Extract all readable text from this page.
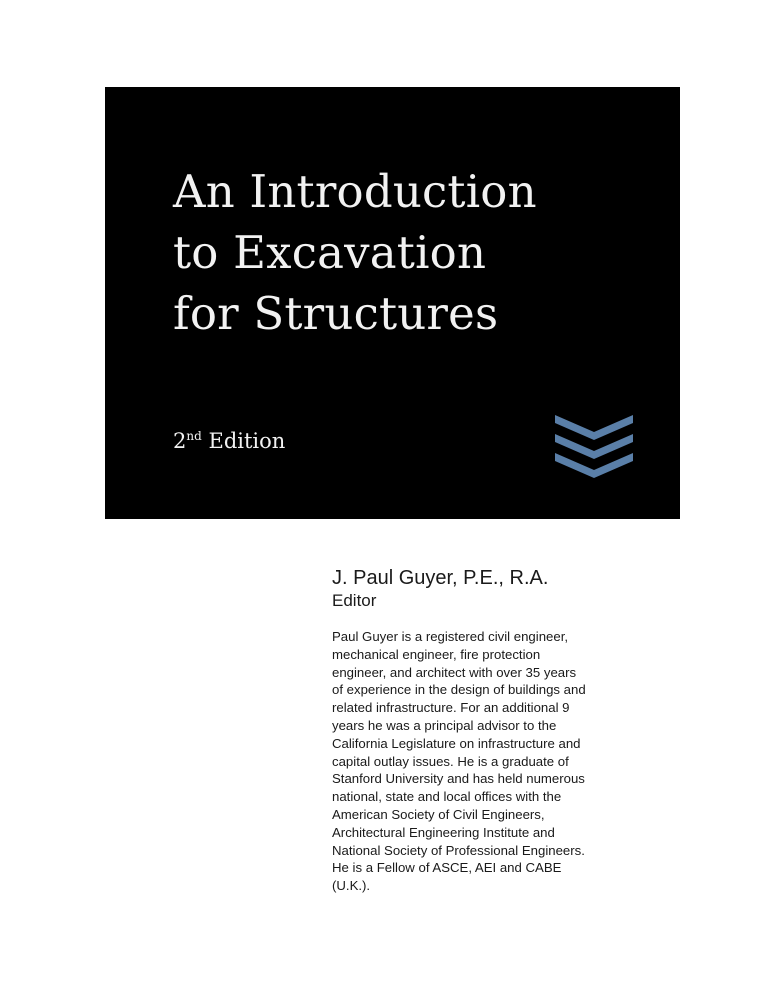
An Introduction
to Excavation
for Structures
2nd Edition
J. Paul Guyer, P.E., R.A.
Editor

Paul Guyer is a registered civil engineer,
mechanical engineer, fire protection
engineer, and architect with over 35 years
of experience in the design of buildings and
related infrastructure. For an additional 9
years he was a principal advisor to the
California Legislature on infrastructure and
capital outlay issues. He is a graduate of
Stanford University and has held numerous
national, state and local offices with the
American Society of Civil Engineers,
Architectural Engineering Institute and
National Society of Professional Engineers.
He is a Fellow of ASCE, AEI and CABE
(U.K.).
